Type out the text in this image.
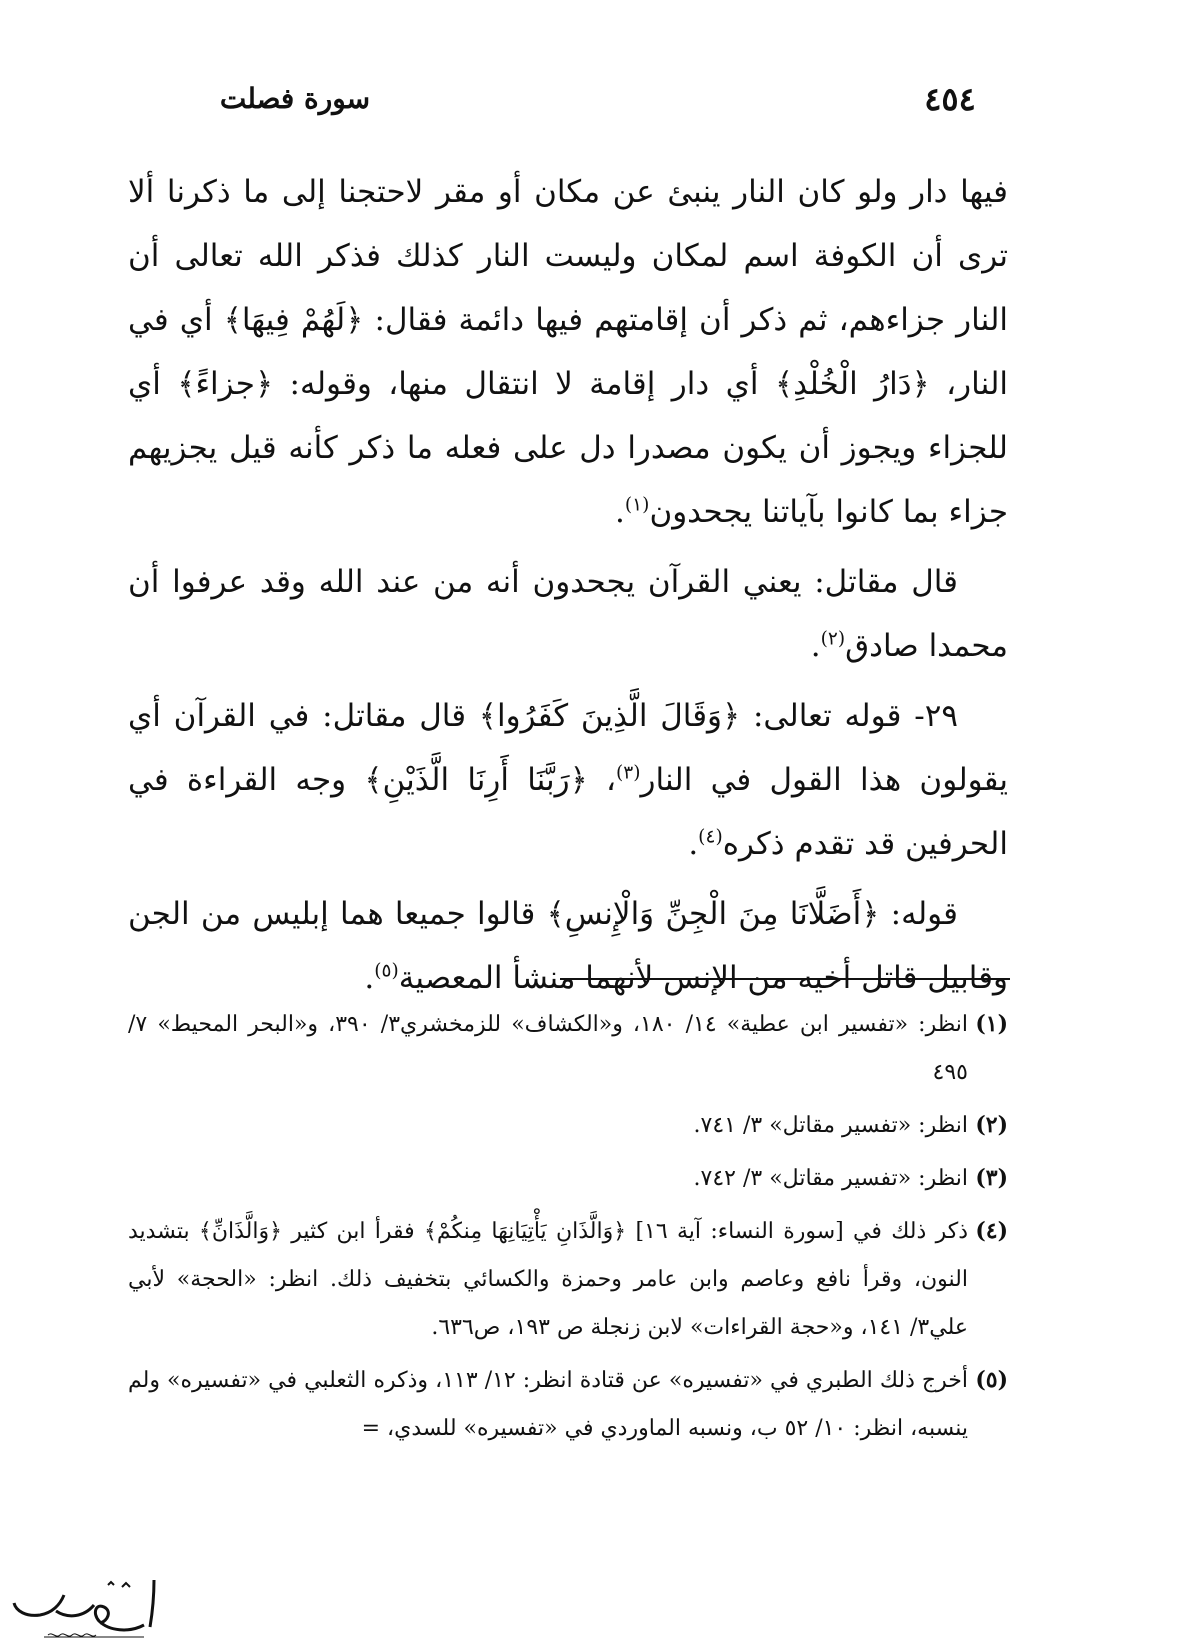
سورة فصلت	٤٥٤

فيها دار ولو كان النار ينبئ عن مكان أو مقر لاحتجنا إلى ما ذكرنا ألا ترى أن الكوفة اسم لمكان وليست النار كذلك فذكر الله تعالى أن النار جزاءهم، ثم ذكر أن إقامتهم فيها دائمة فقال: ﴿لَهُمْ فِيهَا﴾ أي في النار، ﴿دَارُ الْخُلْدِ﴾ أي دار إقامة لا انتقال منها، وقوله: ﴿جزاءً﴾ أي للجزاء ويجوز أن يكون مصدرا دل على فعله ما ذكر كأنه قيل يجزيهم جزاء بما كانوا بآياتنا يجحدون$^{(١)}$.

قال مقاتل: يعني القرآن يجحدون أنه من عند الله وقد عرفوا أن محمدا صادق$^{(٢)}$.

٢٩- قوله تعالى: ﴿وَقَالَ الَّذِينَ كَفَرُوا﴾ قال مقاتل: في القرآن أي يقولون هذا القول في النار$^{(٣)}$، ﴿رَبَّنَا أَرِنَا الَّذَيْنِ﴾ وجه القراءة في الحرفين قد تقدم ذكره$^{(٤)}$.

قوله: ﴿أَضَلَّانَا مِنَ الْجِنِّ وَالْإِنسِ﴾ قالوا جميعا هما إبليس من الجن وقابيل قاتل أخيه من الإنس لأنهما منشأ المعصية$^{(٥)}$.

(١)انظر: «تفسير ابن عطية» ١٤/ ١٨٠، و«الكشاف» للزمخشري٣/ ٣٩٠، و«البحر المحيط» ٧/ ٤٩٥
(٢)انظر: «تفسير مقاتل» ٣/ ٧٤١.
(٣)انظر: «تفسير مقاتل» ٣/ ٧٤٢.
(٤)ذكر ذلك في [سورة النساء: آية ١٦] ﴿وَالَّذَانِ يَأْتِيَانِهَا مِنكُمْ﴾ فقرأ ابن كثير ﴿وَالَّذَانِّ﴾ بتشديد النون، وقرأ نافع وعاصم وابن عامر وحمزة والكسائي بتخفيف ذلك. انظر: «الحجة» لأبي علي٣/ ١٤١، و«حجة القراءات» لابن زنجلة ص ١٩٣، ص٦٣٦.
(٥)أخرج ذلك الطبري في «تفسيره» عن قتادة انظر: ١٢/ ١١٣، وذكره الثعلبي في «تفسيره» ولم ينسبه، انظر: ١٠/ ٥٢ ب، ونسبه الماوردي في «تفسيره» للسدي، =
